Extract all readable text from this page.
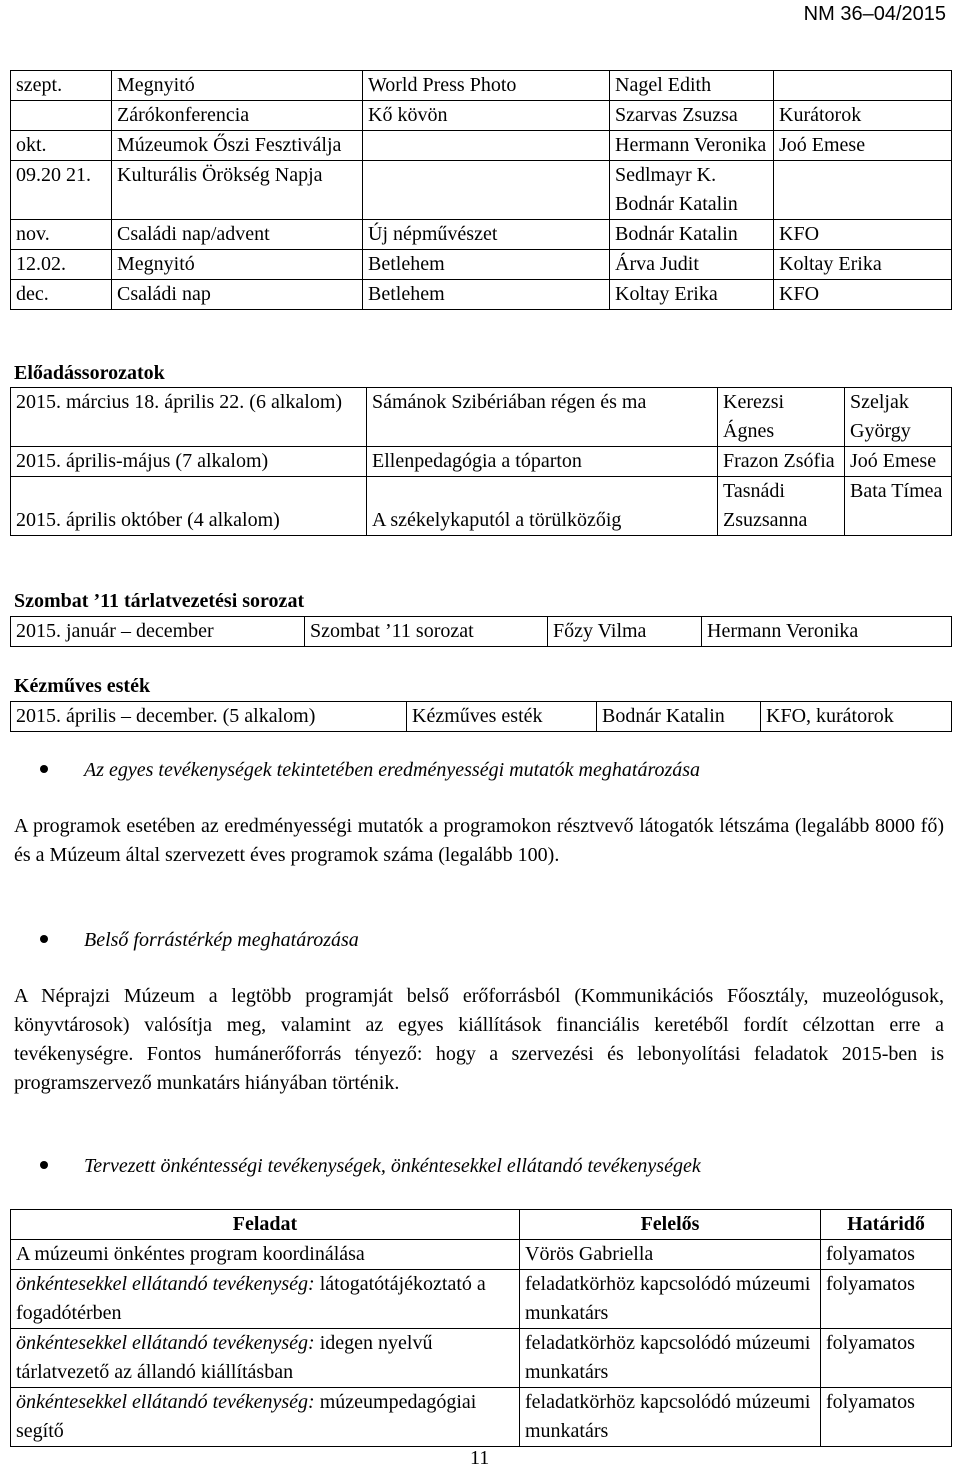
NM 36–04/2015
szept.	Megnyitó	World Press Photo	Nagel Edith	
	Zárókonferencia	Kő kövön	Szarvas Zsuzsa	Kurátorok
okt.	Múzeumok Őszi Fesztiválja		Hermann Veronika	Joó Emese
09.20 21.	Kulturális Örökség Napja		Sedlmayr K. Bodnár Katalin	
nov.	Családi nap/advent	Új népművészet	Bodnár Katalin	KFO
12.02.	Megnyitó	Betlehem	Árva Judit	Koltay Erika
dec.	Családi nap	Betlehem	Koltay Erika	KFO
Előadássorozatok
2015. március 18. április 22. (6 alkalom)	Sámánok Szibériában régen és ma	Kerezsi Ágnes	Szeljak György
2015. április-május (7 alkalom)	Ellenpedagógia a tóparton	Frazon Zsófia	Joó Emese
2015. április október (4 alkalom)	A székelykaputól a törülközőig	Tasnádi Zsuzsanna	Bata Tímea
Szombat ’11 tárlatvezetési sorozat
2015. január – december	Szombat ’11 sorozat	Főzy Vilma	Hermann Veronika
Kézműves esték
2015. április – december. (5 alkalom)	Kézműves esték	Bodnár Katalin	KFO, kurátorok
Az egyes tevékenységek tekintetében eredményességi mutatók meghatározása
A programok esetében az eredményességi mutatók a programokon résztvevő látogatók létszáma (legalább 8000 fő) és a Múzeum által szervezett éves programok száma (legalább 100).
Belső forrástérkép meghatározása
A Néprajzi Múzeum a legtöbb programját belső erőforrásból (Kommunikációs Főosztály, muzeológusok, könyvtárosok) valósítja meg, valamint az egyes kiállítások financiális keretéből fordít célzottan erre a tevékenységre. Fontos humánerőforrás tényező: hogy a szervezési és lebonyolítási feladatok 2015-ben is programszervező munkatárs hiányában történik.
Tervezett önkéntességi tevékenységek, önkéntesekkel ellátandó tevékenységek
Feladat	Felelős	Határidő
A múzeumi önkéntes program koordinálása	Vörös Gabriella	folyamatos
önkéntesekkel ellátandó tevékenység: látogatótájékoztató a fogadótérben	feladatkörhöz kapcsolódó múzeumi munkatárs	folyamatos
önkéntesekkel ellátandó tevékenység: idegen nyelvű tárlatvezető az állandó kiállításban	feladatkörhöz kapcsolódó múzeumi munkatárs	folyamatos
önkéntesekkel ellátandó tevékenység: múzeumpedagógiai segítő	feladatkörhöz kapcsolódó múzeumi munkatárs	folyamatos
11
